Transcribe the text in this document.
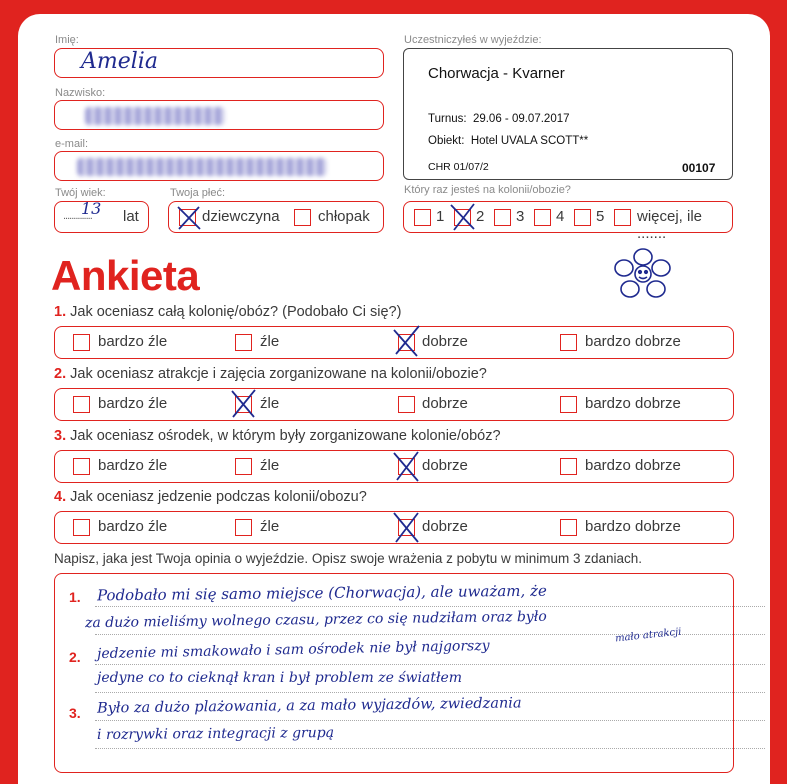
Imię:
Amelia
Nazwisko:
e-mail:
Twój wiek:
..............
13 lat
Twoja płeć:
dziewczyna	chłopak
Uczestniczyłeś w wyjeździe:
Chorwacja - Kvarner
Turnus:  29.06 - 09.07.2017
Obiekt:  Hotel UVALA SCOTT**
CHR 01/07/2	00107
Który raz jesteś na kolonii/obozie?
1 2 3 4 5 więcej, ile .......
Ankieta
1. Jak oceniasz całą kolonię/obóz? (Podobało Ci się?)
bardzo źle	źle	dobrze	bardzo dobrze
2. Jak oceniasz atrakcje i zajęcia zorganizowane na kolonii/obozie?
bardzo źle	źle	dobrze	bardzo dobrze
3. Jak oceniasz ośrodek, w którym były zorganizowane kolonie/obóz?
bardzo źle	źle	dobrze	bardzo dobrze
4. Jak oceniasz jedzenie podczas kolonii/obozu?
bardzo źle	źle	dobrze	bardzo dobrze
Napisz, jaka jest Twoja opinia o wyjeździe. Opisz swoje wrażenia z pobytu w minimum 3 zdaniach.
1.
2.
3.
Podobało mi się samo miejsce (Chorwacja), ale uważam, że
za dużo mieliśmy wolnego czasu, przez co się nudziłam oraz było
mało atrakcji
jedzenie mi smakowało i sam ośrodek nie był najgorszy
jedyne co to cieknął kran i był problem ze światłem
Było za dużo plażowania, a za mało wyjazdów, zwiedzania
i rozrywki oraz integracji z grupą
